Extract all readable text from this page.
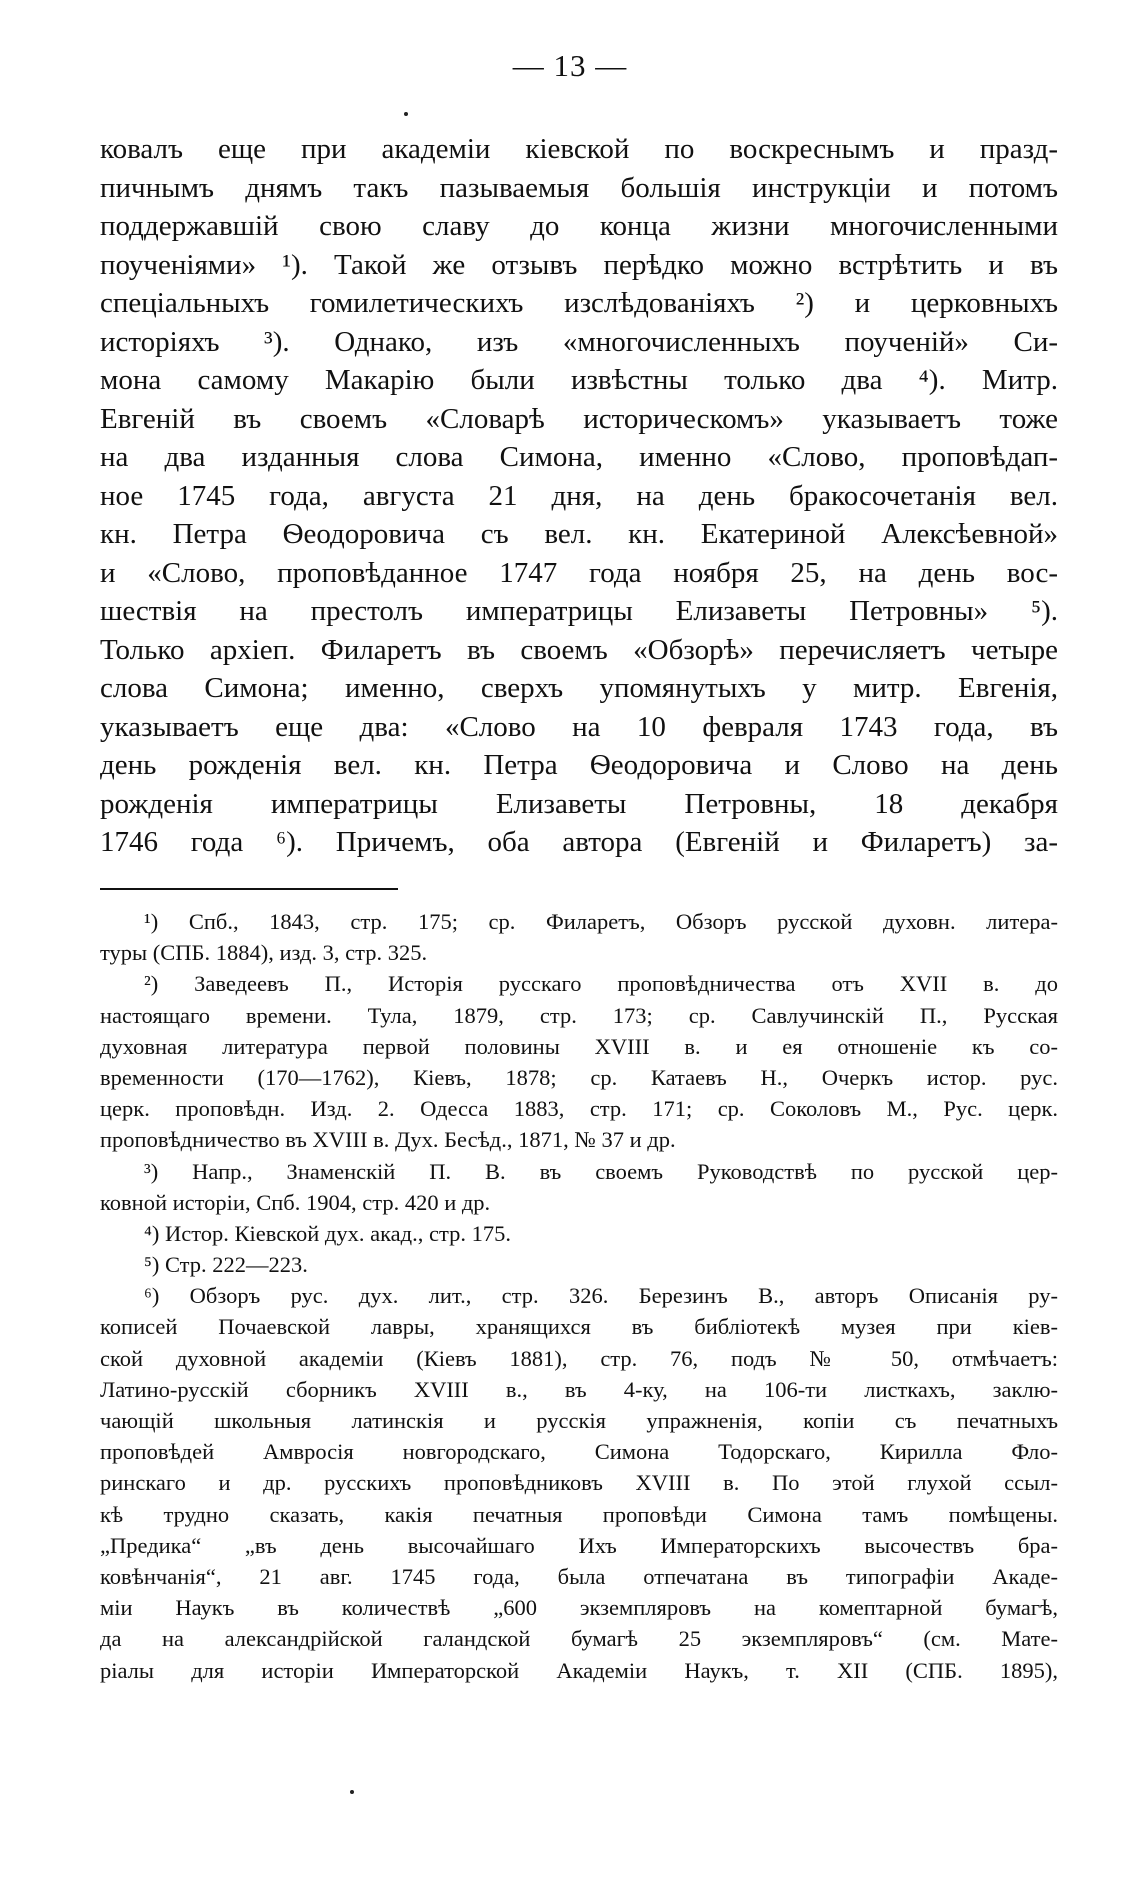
— 13 —
ковалъ еще при академіи кіевской по воскреснымъ и празд-
пичнымъ днямъ такъ пазываемыя большія инструкціи и потомъ
поддержавшій свою славу до конца жизни многочисленными
поученіями» ¹). Такой же отзывъ перѣдко можно встрѣтить и въ
спеціальныхъ гомилетическихъ изслѣдованіяхъ ²) и церковныхъ
исторіяхъ ³). Однако, изъ «многочисленныхъ поученій» Си-
мона самому Макарію были извѣстны только два ⁴). Митр.
Евгеній въ своемъ «Словарѣ историческомъ» указываетъ тоже
на два изданныя слова Симона, именно «Слово, проповѣдап-
ное 1745 года, августа 21 дня, на день бракосочетанія вел.
кн. Петра Ѳеодоровича съ вел. кн. Екатериной Алексѣевной»
и «Слово, проповѣданное 1747 года ноября 25, на день вос-
шествія на престолъ императрицы Елизаветы Петровны» ⁵).
Только архіеп. Филаретъ въ своемъ «Обзорѣ» перечисляетъ четыре
слова Симона; именно, сверхъ упомянутыхъ у митр. Евгенія,
указываетъ еще два: «Слово на 10 февраля 1743 года, въ
день рожденія вел. кн. Петра Ѳеодоровича и Слово на день
рожденія императрицы Елизаветы Петровны, 18 декабря
1746 года ⁶). Причемъ, оба автора (Евгеній и Филаретъ) за-
¹) Спб., 1843, стр. 175; ср. Филаретъ, Обзоръ русской духовн. литера-
туры (СПБ. 1884), изд. 3, стр. 325.
²) Заведеевъ П., Исторія русскаго проповѣдничества отъ XVII в. до
настоящаго времени. Тула, 1879, стр. 173; ср. Савлучинскій П., Русская
духовная литература первой половины XVIII в. и ея отношеніе къ со-
временности (170—1762), Кіевъ, 1878; ср. Катаевъ Н., Очеркъ истор. рус.
церк. проповѣдн. Изд. 2. Одесса 1883, стр. 171; ср. Соколовъ М., Рус. церк.
проповѣдничество въ XVIII в. Дух. Бесѣд., 1871, № 37 и др.
³) Напр., Знаменскій П. В. въ своемъ Руководствѣ по русской цер-
ковной исторіи, Спб. 1904, стр. 420 и др.
⁴) Истор. Кіевской дух. акад., стр. 175.
⁵) Стр. 222—223.
⁶) Обзоръ рус. дух. лит., стр. 326. Березинъ В., авторъ Описанія ру-
кописей Почаевской лавры, хранящихся въ библіотекѣ музея при кіев-
ской духовной академіи (Кіевъ 1881), стр. 76, подъ № 50, отмѣчаетъ:
Латино-русскій сборникъ XVIII в., въ 4-ку, на 106-ти листкахъ, заклю-
чающій школьныя латинскія и русскія упражненія, копіи съ печатныхъ
проповѣдей Амвросія новгородскаго, Симона Тодорскаго, Кирилла Фло-
ринскаго и др. русскихъ проповѣдниковъ XVIII в. По этой глухой ссыл-
кѣ трудно сказать, какія печатныя проповѣди Симона тамъ помѣщены.
„Предика“ „въ день высочайшаго Ихъ Императорскихъ высочествъ бра-
ковѣнчанія“, 21 авг. 1745 года, была отпечатана въ типографіи Акаде-
міи Наукъ въ количествѣ „600 экземпляровъ на комептарной бумагѣ,
да на александрійской галандской бумагѣ 25 экземпляровъ“ (см. Мате-
ріалы для исторіи Императорской Академіи Наукъ, т. XII (СПБ. 1895),
